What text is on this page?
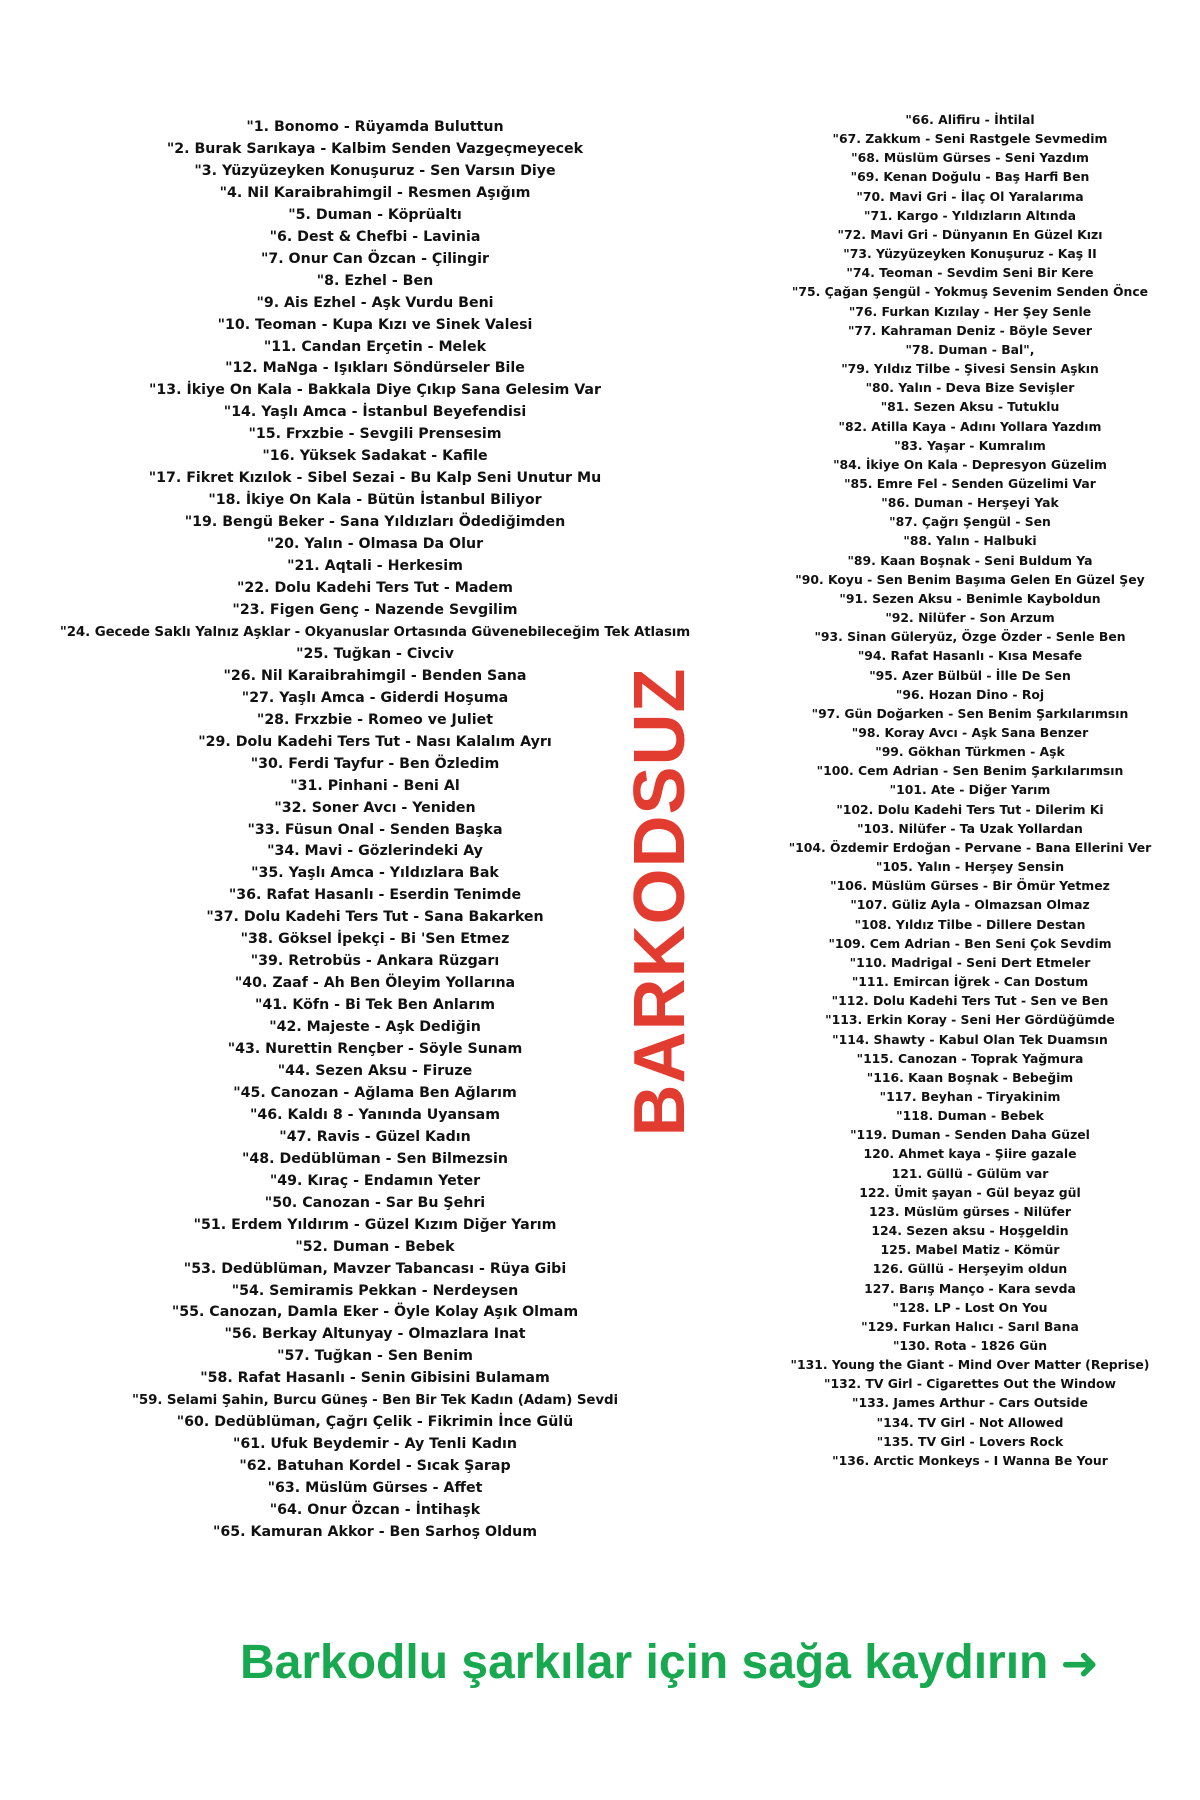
"1. Bonomo - Rüyamda Buluttun
"2. Burak Sarıkaya - Kalbim Senden Vazgeçmeyecek
"3. Yüzyüzeyken Konuşuruz - Sen Varsın Diye
"4. Nil Karaibrahimgil - Resmen Aşığım
"5. Duman - Köprüaltı
"6. Dest & Chefbi - Lavinia
"7. Onur Can Özcan - Çilingir
"8. Ezhel - Ben
"9. Ais Ezhel - Aşk Vurdu Beni
"10. Teoman - Kupa Kızı ve Sinek Valesi
"11. Candan Erçetin - Melek
"12. MaNga - Işıkları Söndürseler Bile
"13. İkiye On Kala - Bakkala Diye Çıkıp Sana Gelesim Var
"14. Yaşlı Amca - İstanbul Beyefendisi
"15. Frxzbie - Sevgili Prensesim
"16. Yüksek Sadakat - Kafile
"17. Fikret Kızılok - Sibel Sezai - Bu Kalp Seni Unutur Mu
"18. İkiye On Kala - Bütün İstanbul Biliyor
"19. Bengü Beker - Sana Yıldızları Ödediğimden
"20. Yalın - Olmasa Da Olur
"21. Aqtali - Herkesim
"22. Dolu Kadehi Ters Tut - Madem
"23. Figen Genç - Nazende Sevgilim
"24. Gecede Saklı Yalnız Aşklar - Okyanuslar Ortasında Güvenebileceğim Tek Atlasım
"25. Tuğkan - Civciv
"26. Nil Karaibrahimgil - Benden Sana
"27. Yaşlı Amca - Giderdi Hoşuma
"28. Frxzbie - Romeo ve Juliet
"29. Dolu Kadehi Ters Tut - Nası Kalalım Ayrı
"30. Ferdi Tayfur - Ben Özledim
"31. Pinhani - Beni Al
"32. Soner Avcı - Yeniden
"33. Füsun Onal - Senden Başka
"34. Mavi - Gözlerindeki Ay
"35. Yaşlı Amca - Yıldızlara Bak
"36. Rafat Hasanlı - Eserdin Tenimde
"37. Dolu Kadehi Ters Tut - Sana Bakarken
"38. Göksel İpekçi - Bi 'Sen Etmez
"39. Retrobüs - Ankara Rüzgarı
"40. Zaaf - Ah Ben Öleyim Yollarına
"41. Köfn - Bi Tek Ben Anlarım
"42. Majeste - Aşk Dediğin
"43. Nurettin Rençber - Söyle Sunam
"44. Sezen Aksu - Firuze
"45. Canozan - Ağlama Ben Ağlarım
"46. Kaldı 8 - Yanında Uyansam
"47. Ravis - Güzel Kadın
"48. Dedüblüman - Sen Bilmezsin
"49. Kıraç - Endamın Yeter
"50. Canozan - Sar Bu Şehri
"51. Erdem Yıldırım - Güzel Kızım Diğer Yarım
"52. Duman - Bebek
"53. Dedüblüman, Mavzer Tabancası - Rüya Gibi
"54. Semiramis Pekkan - Nerdeysen
"55. Canozan, Damla Eker - Öyle Kolay Aşık Olmam
"56. Berkay Altunyay - Olmazlara Inat
"57. Tuğkan - Sen Benim
"58. Rafat Hasanlı - Senin Gibisini Bulamam
"59. Selami Şahin, Burcu Güneş - Ben Bir Tek Kadın (Adam) Sevdi
"60. Dedüblüman, Çağrı Çelik - Fikrimin İnce Gülü
"61. Ufuk Beydemir - Ay Tenli Kadın
"62. Batuhan Kordel - Sıcak Şarap
"63. Müslüm Gürses - Affet
"64. Onur Özcan - İntihaşk
"65. Kamuran Akkor - Ben Sarhoş Oldum
"66. Alifiru - İhtilal
"67. Zakkum - Seni Rastgele Sevmedim
"68. Müslüm Gürses - Seni Yazdım
"69. Kenan Doğulu - Baş Harfi Ben
"70. Mavi Gri - İlaç Ol Yaralarıma
"71. Kargo - Yıldızların Altında
"72. Mavi Gri - Dünyanın En Güzel Kızı
"73. Yüzyüzeyken Konuşuruz - Kaş II
"74. Teoman - Sevdim Seni Bir Kere
"75. Çağan Şengül - Yokmuş Sevenim Senden Önce
"76. Furkan Kızılay - Her Şey Senle
"77. Kahraman Deniz - Böyle Sever
"78. Duman - Bal",
"79. Yıldız Tilbe - Şivesi Sensin Aşkın
"80. Yalın - Deva Bize Sevişler
"81. Sezen Aksu - Tutuklu
"82. Atilla Kaya - Adını Yollara Yazdım
"83. Yaşar - Kumralım
"84. İkiye On Kala - Depresyon Güzelim
"85. Emre Fel - Senden Güzelimi Var
"86. Duman - Herşeyi Yak
"87. Çağrı Şengül - Sen
"88. Yalın - Halbuki
"89. Kaan Boşnak - Seni Buldum Ya
"90. Koyu - Sen Benim Başıma Gelen En Güzel Şey
"91. Sezen Aksu - Benimle Kayboldun
"92. Nilüfer - Son Arzum
"93. Sinan Güleryüz, Özge Özder - Senle Ben
"94. Rafat Hasanlı - Kısa Mesafe
"95. Azer Bülbül - İlle De Sen
"96. Hozan Dino - Roj
"97. Gün Doğarken - Sen Benim Şarkılarımsın
"98. Koray Avcı - Aşk Sana Benzer
"99. Gökhan Türkmen - Aşk
"100. Cem Adrian - Sen Benim Şarkılarımsın
"101. Ate - Diğer Yarım
"102. Dolu Kadehi Ters Tut - Dilerim Ki
"103. Nilüfer - Ta Uzak Yollardan
"104. Özdemir Erdoğan - Pervane - Bana Ellerini Ver
"105. Yalın - Herşey Sensin
"106. Müslüm Gürses - Bir Ömür Yetmez
"107. Güliz Ayla - Olmazsan Olmaz
"108. Yıldız Tilbe - Dillere Destan
"109. Cem Adrian - Ben Seni Çok Sevdim
"110. Madrigal - Seni Dert Etmeler
"111. Emircan İğrek - Can Dostum
"112. Dolu Kadehi Ters Tut - Sen ve Ben
"113. Erkin Koray - Seni Her Gördüğümde
"114. Shawty - Kabul Olan Tek Duamsın
"115. Canozan - Toprak Yağmura
"116. Kaan Boşnak - Bebeğim
"117. Beyhan - Tiryakinim
"118. Duman - Bebek
"119. Duman - Senden Daha Güzel
120. Ahmet kaya - Şiire gazale
121. Güllü - Gülüm var
122. Ümit şayan - Gül beyaz gül
123. Müslüm gürses - Nilüfer
124. Sezen aksu - Hoşgeldin
125. Mabel Matiz - Kömür
126. Güllü - Herşeyim oldun
127. Barış Manço - Kara sevda
"128. LP - Lost On You
"129. Furkan Halıcı - Sarıl Bana
"130. Rota - 1826 Gün
"131. Young the Giant - Mind Over Matter (Reprise)
"132. TV Girl - Cigarettes Out the Window
"133. James Arthur - Cars Outside
"134. TV Girl - Not Allowed
"135. TV Girl - Lovers Rock
"136. Arctic Monkeys - I Wanna Be Your
BARKODSUZ
Barkodlu şarkılar için sağa kaydırın ➜
